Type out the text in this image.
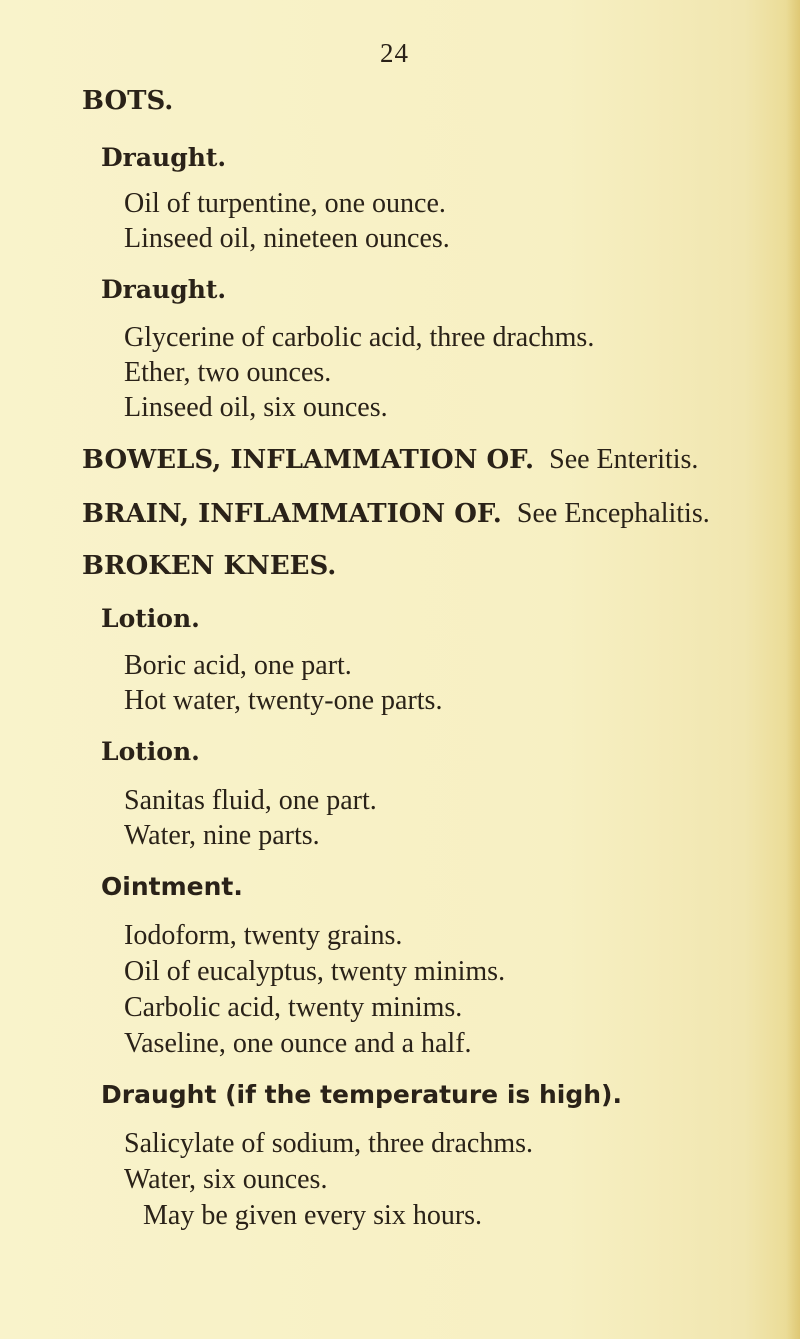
24
BOTS.
Draught.
Oil of turpentine, one ounce.
Linseed oil, nineteen ounces.
Draught.
Glycerine of carbolic acid, three drachms.
Ether, two ounces.
Linseed oil, six ounces.
BOWELS, INFLAMMATION OF. See Enteritis.
BRAIN, INFLAMMATION OF. See Encephalitis.
BROKEN KNEES.
Lotion.
Boric acid, one part.
Hot water, twenty-one parts.
Lotion.
Sanitas fluid, one part.
Water, nine parts.
Ointment.
Iodoform, twenty grains.
Oil of eucalyptus, twenty minims.
Carbolic acid, twenty minims.
Vaseline, one ounce and a half.
Draught (if the temperature is high).
Salicylate of sodium, three drachms.
Water, six ounces.
May be given every six hours.
